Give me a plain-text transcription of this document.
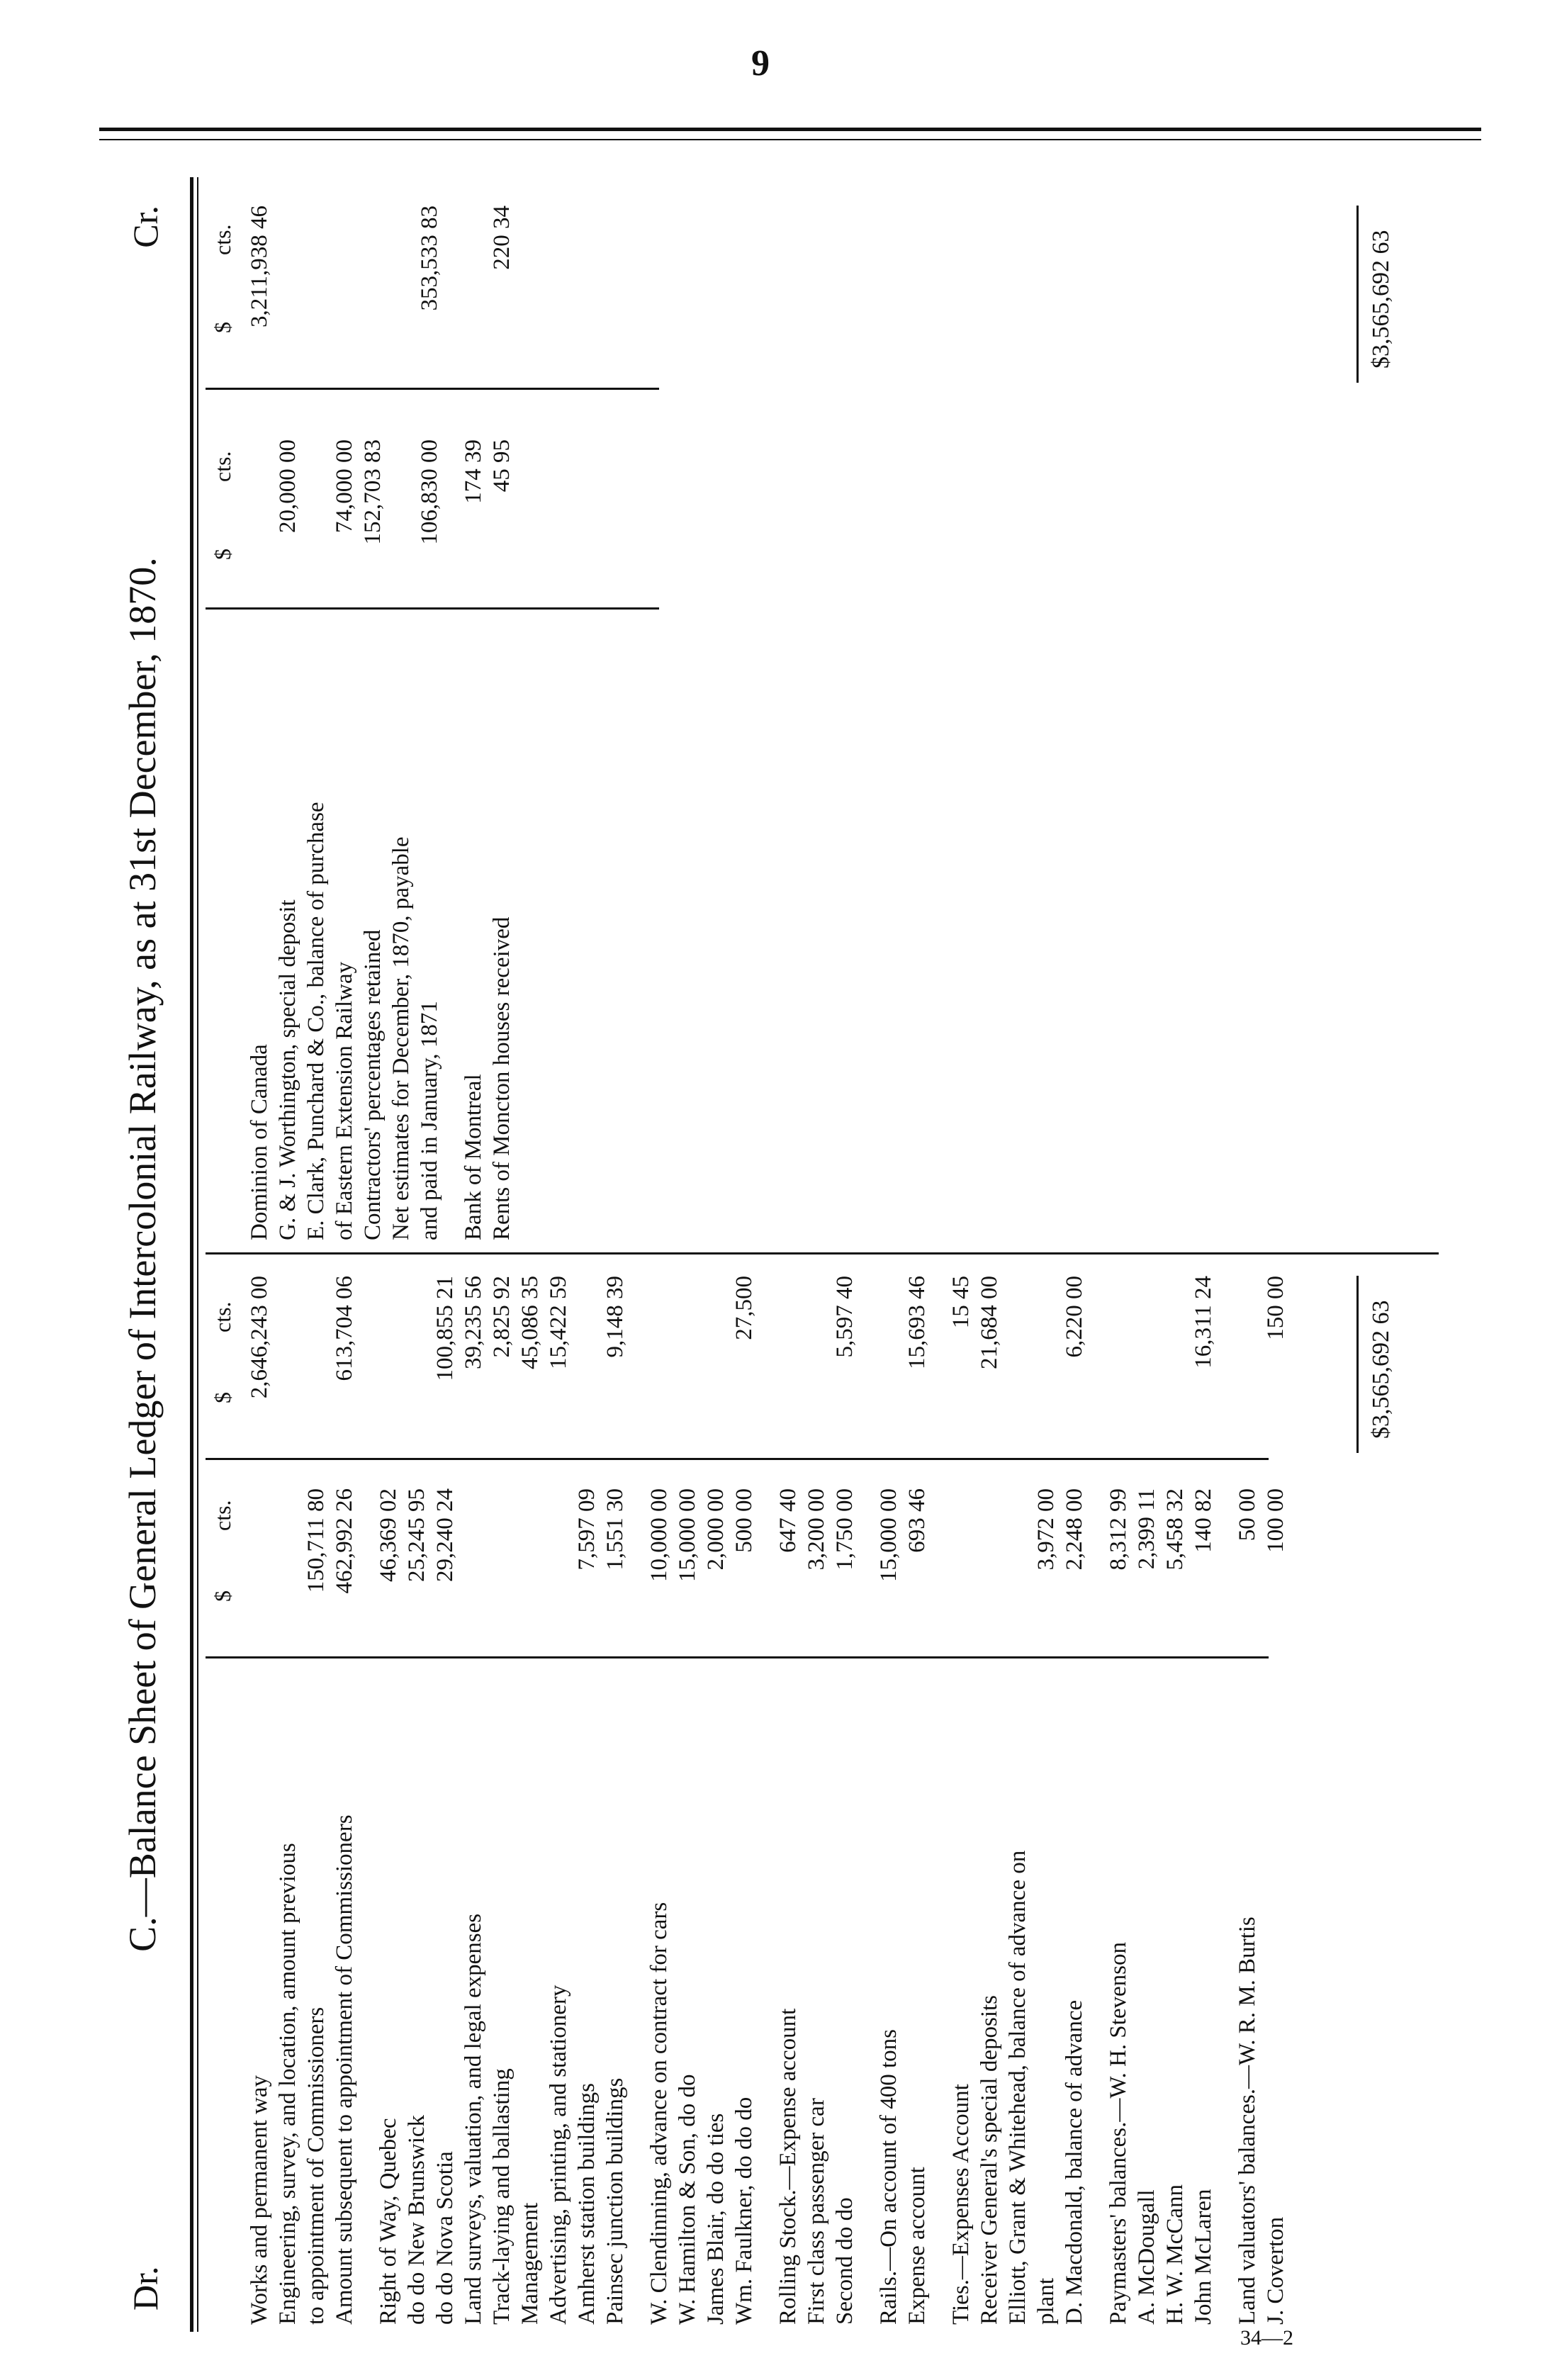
9
Dr.
C.—Balance Sheet of General Ledger of Intercolonial Railway, as at 31st December, 1870.
Cr.
$
cts.
$
cts.
Works and permanent way
2,646,243 00
Engineering, survey, and location, amount previous to appointment of Commissioners
150,711 80
Amount subsequent to appointment of Commissioners
462,992 26
613,704 06
Right of Way, Quebec
46,369 02
do do New Brunswick
25,245 95
do do Nova Scotia
29,240 24
100,855 21
Land surveys, valuation, and legal expenses
39,235 56
Track-laying and ballasting
2,825 92
Management
45,086 35
Advertising, printing, and stationery
15,422 59
Amherst station buildings
7,597 09
Painsec junction buildings
1,551 30
9,148 39
W. Clendinning, advance on contract for cars
10,000 00
W. Hamilton & Son, do do
15,000 00
James Blair, do do ties
2,000 00
Wm. Faulkner, do do do
500 00
27,500
Rolling Stock.—Expense account
647 40
First class passenger car
3,200 00
Second do do
1,750 00
5,597 40
Rails.—On account of 400 tons
15,000 00
Expense account
693 46
15,693 46
Ties.—Expenses Account
15 45
Receiver General's special deposits
21,684 00
Elliott, Grant & Whitehead, balance of advance on plant
3,972 00
D. Macdonald, balance of advance
2,248 00
6,220 00
Paymasters' balances.—W. H. Stevenson
8,312 99
A. McDougall
2,399 11
H. W. McCann
5,458 32
John McLaren
140 82
16,311 24
Land valuators' balances.—W. R. M. Burtis
50 00
J. Coverton
100 00
150 00	$3,565,692 63
$
cts.
$
cts.
Dominion of Canada
3,211,938 46
G. & J. Worthington, special deposit
20,000 00
E. Clark, Punchard & Co., balance of purchase of Eastern Extension Railway
74,000 00
Contractors' percentages retained
152,703 83
Net estimates for December, 1870, payable and paid in January, 1871
106,830 00
353,533 83
Bank of Montreal
174 39
Rents of Moncton houses received
45 95
220 34	$3,565,692 63
34—2
